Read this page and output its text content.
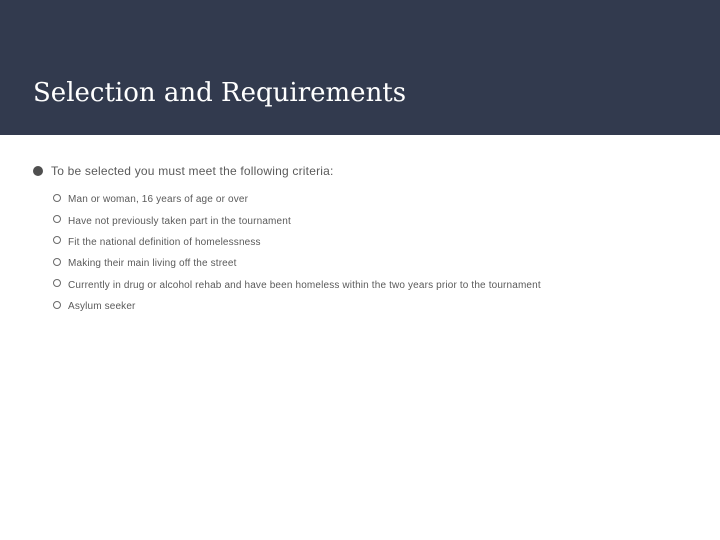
Selection and Requirements
To be selected you must meet the following criteria:
Man or woman, 16 years of age or over
Have not previously taken part in the tournament
Fit the national definition of homelessness
Making their main living off the street
Currently in drug or alcohol rehab and have been homeless within the two years prior to the tournament
Asylum seeker
